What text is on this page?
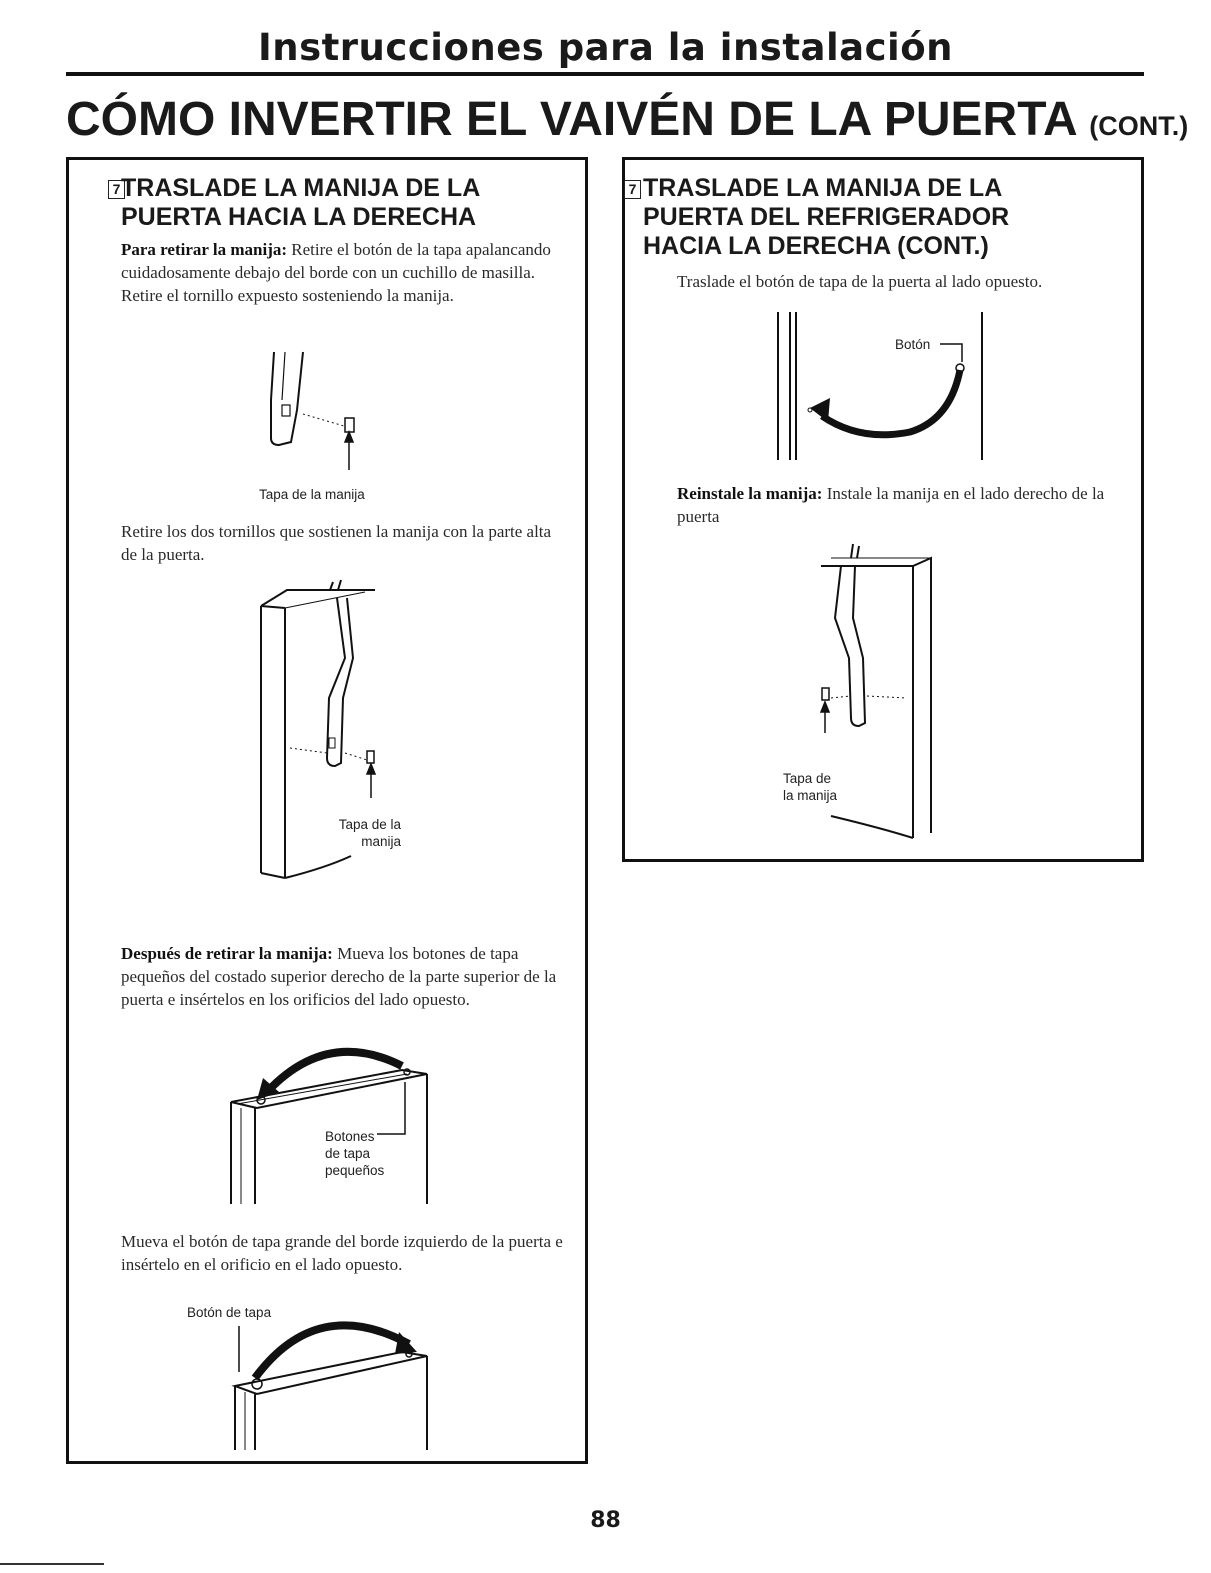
Instrucciones para la instalación
CÓMO INVERTIR EL VAIVÉN DE LA PUERTA (CONT.)
7 TRASLADE LA MANIJA DE LA
PUERTA HACIA LA DERECHA
Para retirar la manija: Retire el botón de la tapa apalancando cuidadosamente debajo del borde con un cuchillo de masilla. Retire el tornillo expuesto sosteniendo la manija.
Tapa de la manija
Retire los dos tornillos que sostienen la manija con la parte alta de la puerta.
Tapa de la
manija
Después de retirar la manija: Mueva los botones de tapa pequeños del costado superior derecho de la parte superior de la puerta e insértelos en los orificios del lado opuesto.
Botones
de tapa
pequeños
Mueva el botón de tapa grande del borde izquierdo de la puerta e insértelo en el orificio en el lado opuesto.
Botón de tapa
7 TRASLADE LA MANIJA DE LA
PUERTA DEL REFRIGERADOR
HACIA LA DERECHA (CONT.)
Traslade el botón de tapa de la puerta al lado opuesto.
Botón
Reinstale la manija: Instale la manija en el lado derecho de la puerta
Tapa de
la manija
88
